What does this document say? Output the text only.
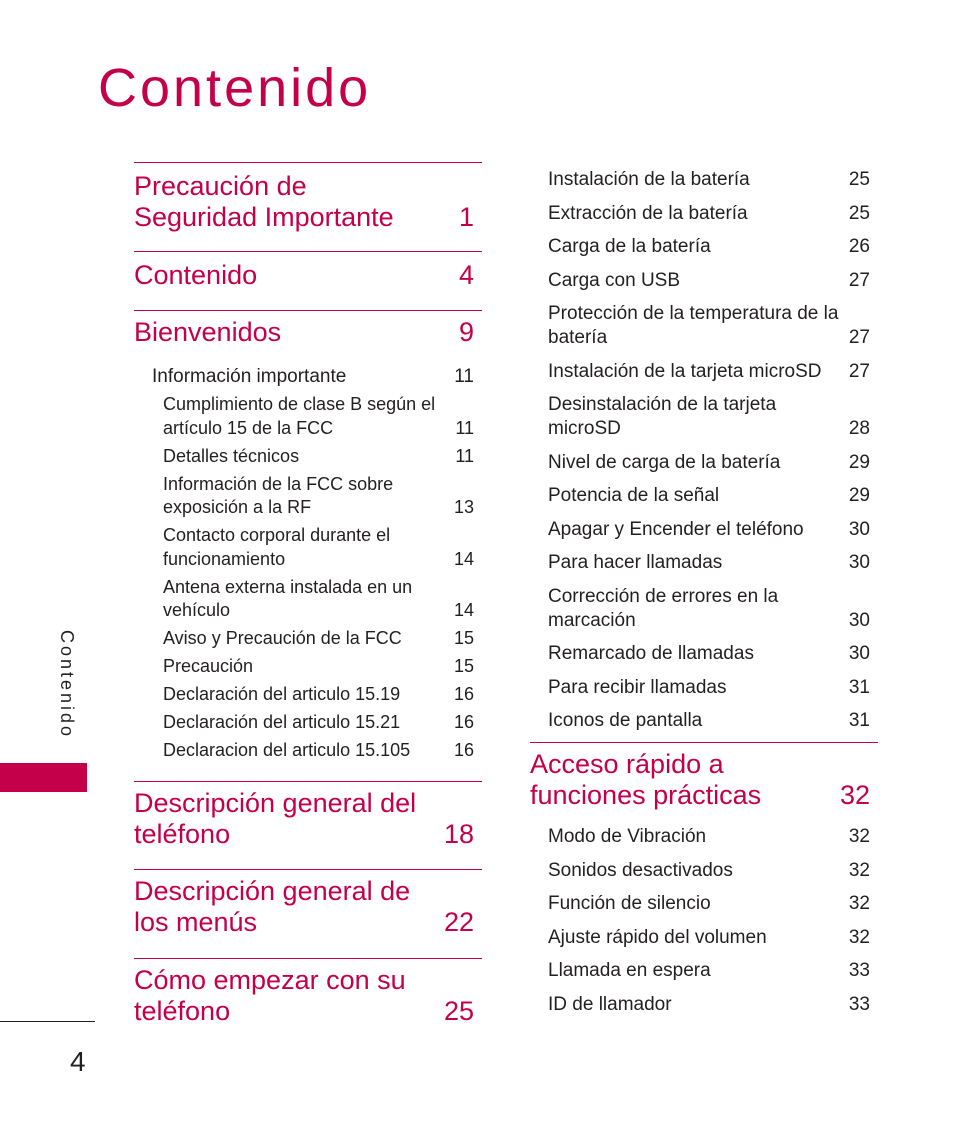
Contenido
Precaución de Seguridad Importante	1
Contenido	4
Bienvenidos	9
Información importante	11
Cumplimiento de clase B según el artículo 15 de la FCC	11
Detalles técnicos	11
Información de la FCC sobre exposición a la RF	13
Contacto corporal durante el funcionamiento	14
Antena externa instalada en un vehículo	14
Aviso y Precaución de la FCC	15
Precaución	15
Declaración del articulo 15.19	16
Declaración del articulo 15.21	16
Declaracion del articulo 15.105 16
Descripción general del teléfono	18
Descripción general de los menús	22
Cómo empezar con su teléfono	25
Instalación de la batería	25
Extracción de la batería	25
Carga de la batería	26
Carga con USB	27
Protección de la temperatura de la batería	27
Instalación de la tarjeta microSD 27
Desinstalación de la tarjeta microSD	28
Nivel de carga de la batería	29
Potencia de la señal	29
Apagar y Encender el teléfono 30
Para hacer llamadas	30
Corrección de errores en la marcación	30
Remarcado de llamadas	30
Para recibir llamadas	31
Iconos de pantalla	31
Acceso rápido a funciones prácticas	32
Modo de Vibración	32
Sonidos desactivados	32
Función de silencio	32
Ajuste rápido del volumen	32
Llamada en espera	33
ID de llamador	33
Contenido
4
